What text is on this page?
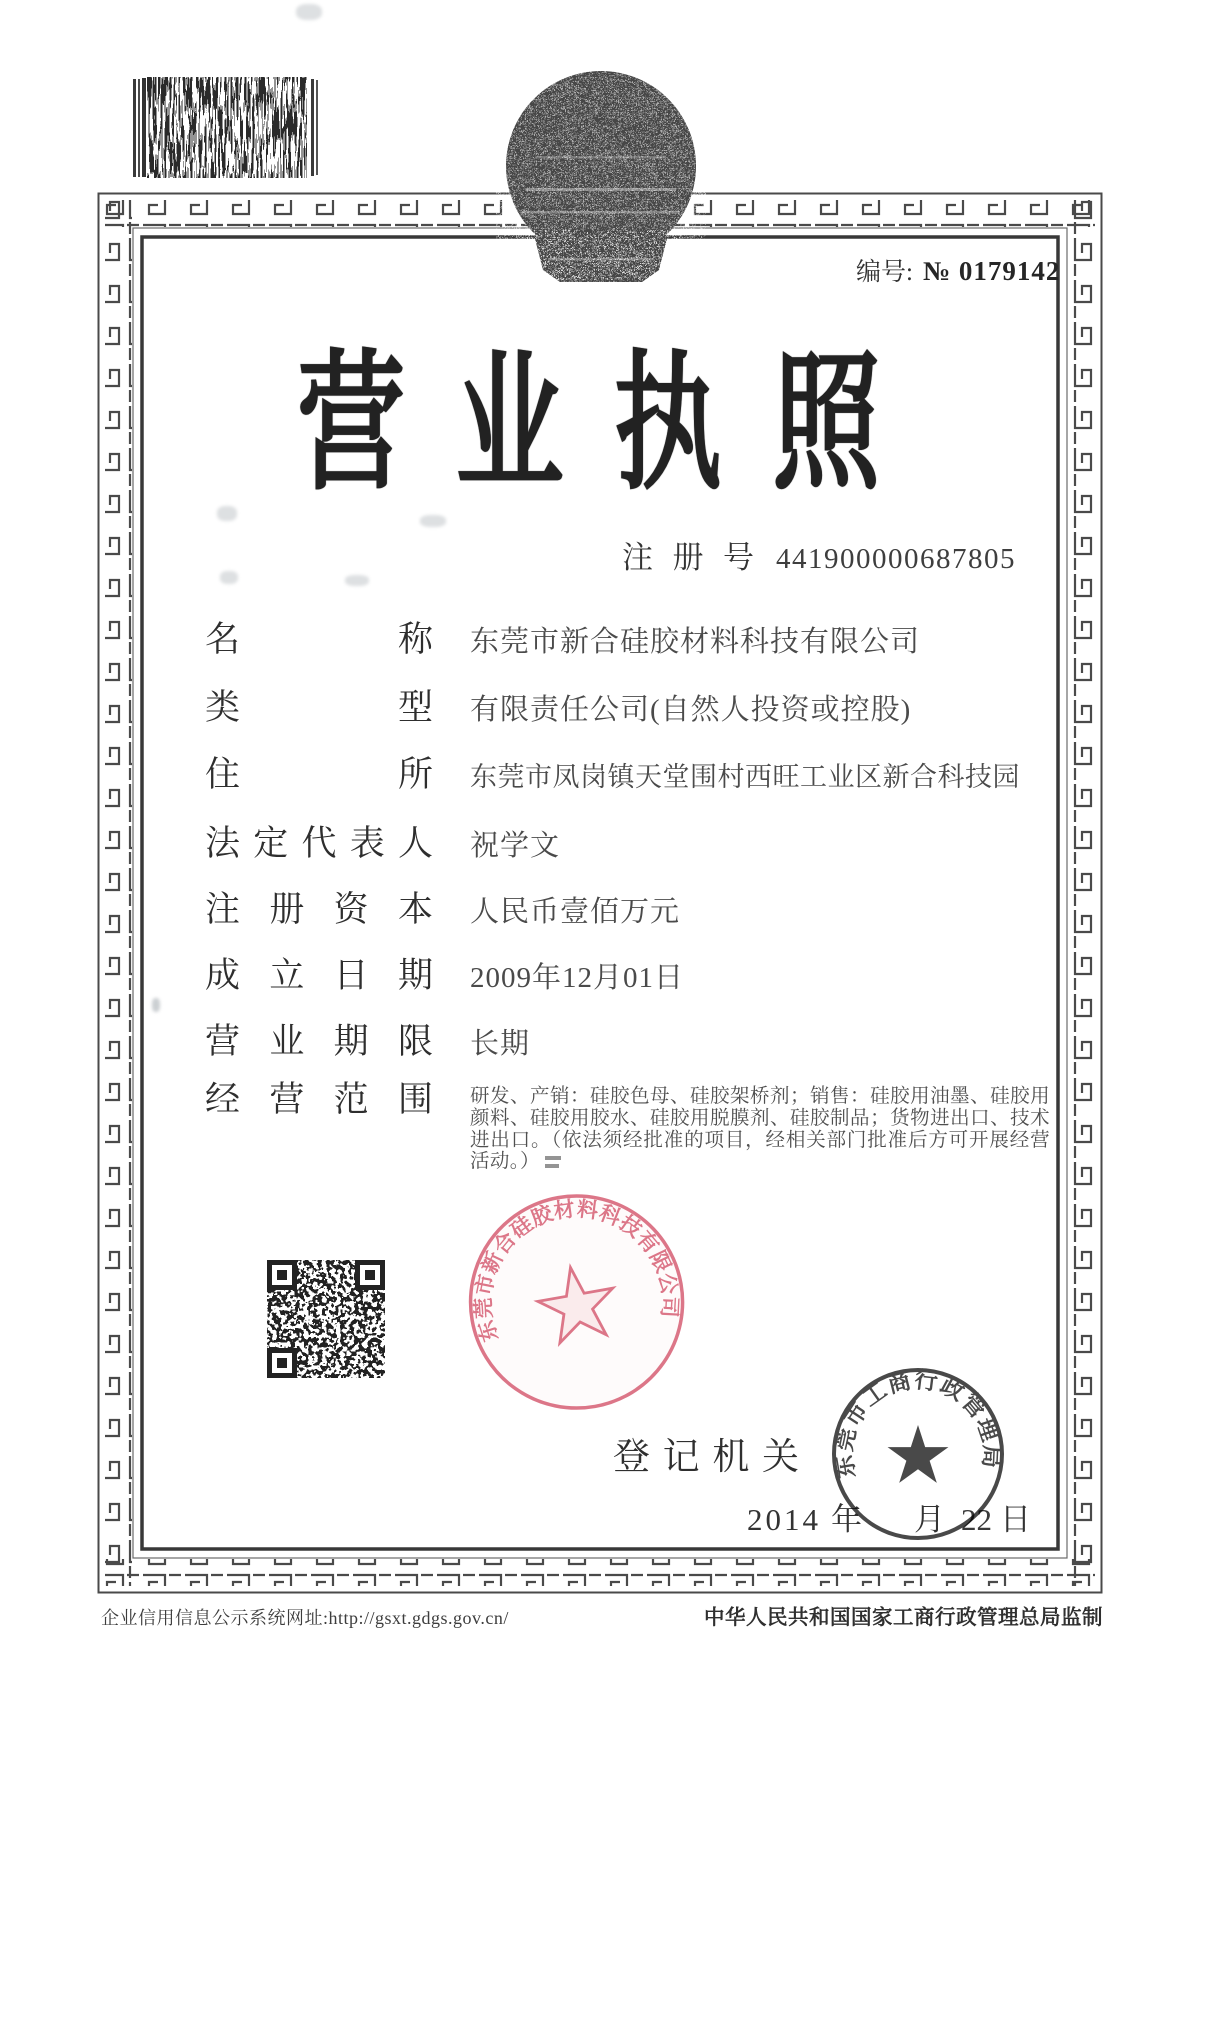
编号: № 0179142
营业执照
注 册 号 441900000687805
名	称 东莞市新合硅胶材料科技有限公司
类	型 有限责任公司(自然人投资或控股)
住	所 东莞市凤岗镇天堂围村西旺工业区新合科技园
法 定 代 表 人 祝学文
注 册 资 本 人民币壹佰万元
成 立 日 期 2009年12月01日
营 业 期 限 长期
经 营 范 围 研发、产销：硅胶色母、硅胶架桥剂；销售：硅胶用油墨、硅胶用颜料、硅胶用胶水、硅胶用脱膜剂、硅胶制品；货物进出口、技术进出口。（依法须经批准的项目，经相关部门批准后方可开展经营活动。）
东莞市新合硅胶材料科技有限公司
登 记 机 关
2014 年 月 22 日
东莞市工商行政管理局
企业信用信息公示系统网址:http://gsxt.gdgs.gov.cn/	中华人民共和国国家工商行政管理总局监制
